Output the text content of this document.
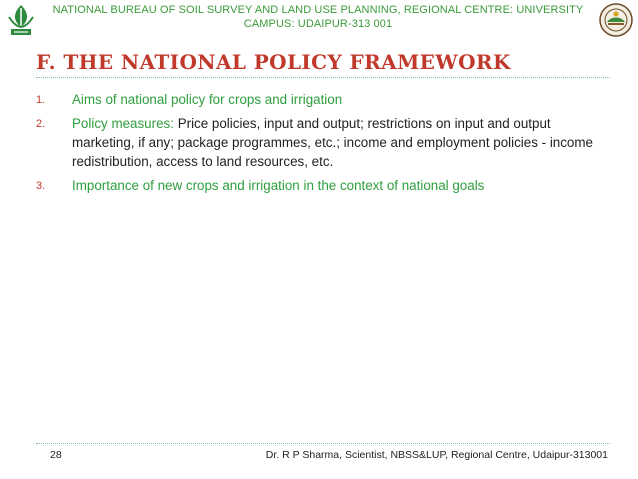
NATIONAL BUREAU OF SOIL SURVEY AND LAND USE PLANNING, REGIONAL CENTRE: UNIVERSITY
CAMPUS: UDAIPUR-313 001
F. THE NATIONAL POLICY FRAMEWORK
1. Aims of national policy for crops and irrigation
2. Policy measures: Price policies, input and output; restrictions on input and output marketing, if any; package programmes, etc.; income and employment policies - income redistribution, access to land resources, etc.
3. Importance of new crops and irrigation in the context of national goals
28	Dr. R P Sharma, Scientist, NBSS&LUP, Regional Centre, Udaipur-313001
